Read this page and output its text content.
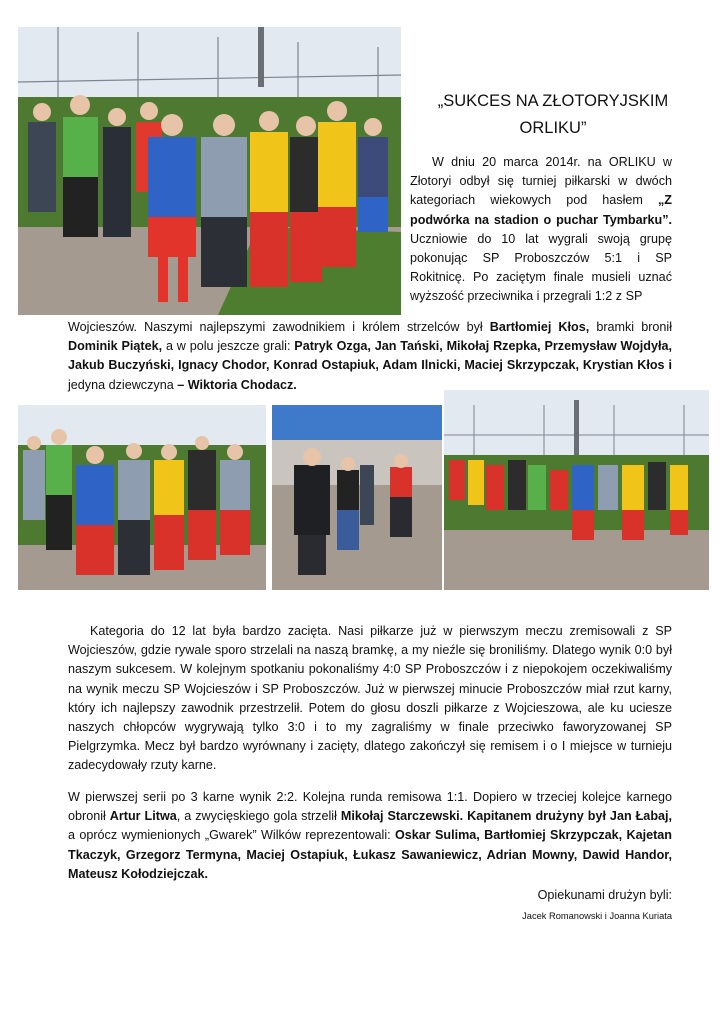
„SUKCES NA ZŁOTORYJSKIM
ORLIKU”

W dniu 20 marca 2014r. na ORLIKU w Złotoryi odbył się turniej piłkarski w dwóch kategoriach wiekowych pod hasłem „Z podwórka na stadion o puchar Tymbarku”. Uczniowie do 10 lat wygrali swoją grupę pokonując SP Proboszczów 5:1 i SP Rokitnicę. Po zaciętym finale musieli uznać wyższość przeciwnika i przegrali 1:2 z SP

Wojcieszów. Naszymi najlepszymi zawodnikiem i królem strzelców był Bartłomiej Kłos, bramki bronił Dominik Piątek, a w polu jeszcze grali: Patryk Ozga, Jan Tański, Mikołaj Rzepka, Przemysław Wojdyła, Jakub Buczyński, Ignacy Chodor, Konrad Ostapiuk, Adam Ilnicki, Maciej Skrzypczak, Krystian Kłos i jedyna dziewczyna – Wiktoria Chodacz.

Kategoria do 12 lat była bardzo zacięta. Nasi piłkarze już w pierwszym meczu zremisowali z SP Wojcieszów, gdzie rywale sporo strzelali na naszą bramkę, a my nieźle się broniliśmy. Dlatego wynik 0:0 był naszym sukcesem. W kolejnym spotkaniu pokonaliśmy 4:0 SP Proboszczów i z niepokojem oczekiwaliśmy na wynik meczu SP Wojcieszów i SP Proboszczów. Już w pierwszej minucie Proboszczów miał rzut karny, który ich najlepszy zawodnik przestrzelił. Potem do głosu doszli piłkarze z Wojcieszowa, ale ku uciesze naszych chłopców wygrywają tylko 3:0 i to my zagraliśmy w finale przeciwko faworyzowanej SP Pielgrzymka. Mecz był bardzo wyrównany i zacięty, dlatego zakończył się remisem i o I miejsce w turnieju zadecydowały rzuty karne.

W pierwszej serii po 3 karne wynik 2:2. Kolejna runda remisowa 1:1. Dopiero w trzeciej kolejce karnego obronił Artur Litwa, a zwycięskiego gola strzelił Mikołaj Starczewski. Kapitanem drużyny był Jan Łabaj, a oprócz wymienionych „Gwarek” Wilków reprezentowali: Oskar Sulima, Bartłomiej Skrzypczak, Kajetan Tkaczyk, Grzegorz Termyna, Maciej Ostapiuk, Łukasz Sawaniewicz, Adrian Mowny, Dawid Handor, Mateusz Kołodziejczak.

Opiekunami drużyn byli:
Jacek Romanowski i Joanna Kuriata
